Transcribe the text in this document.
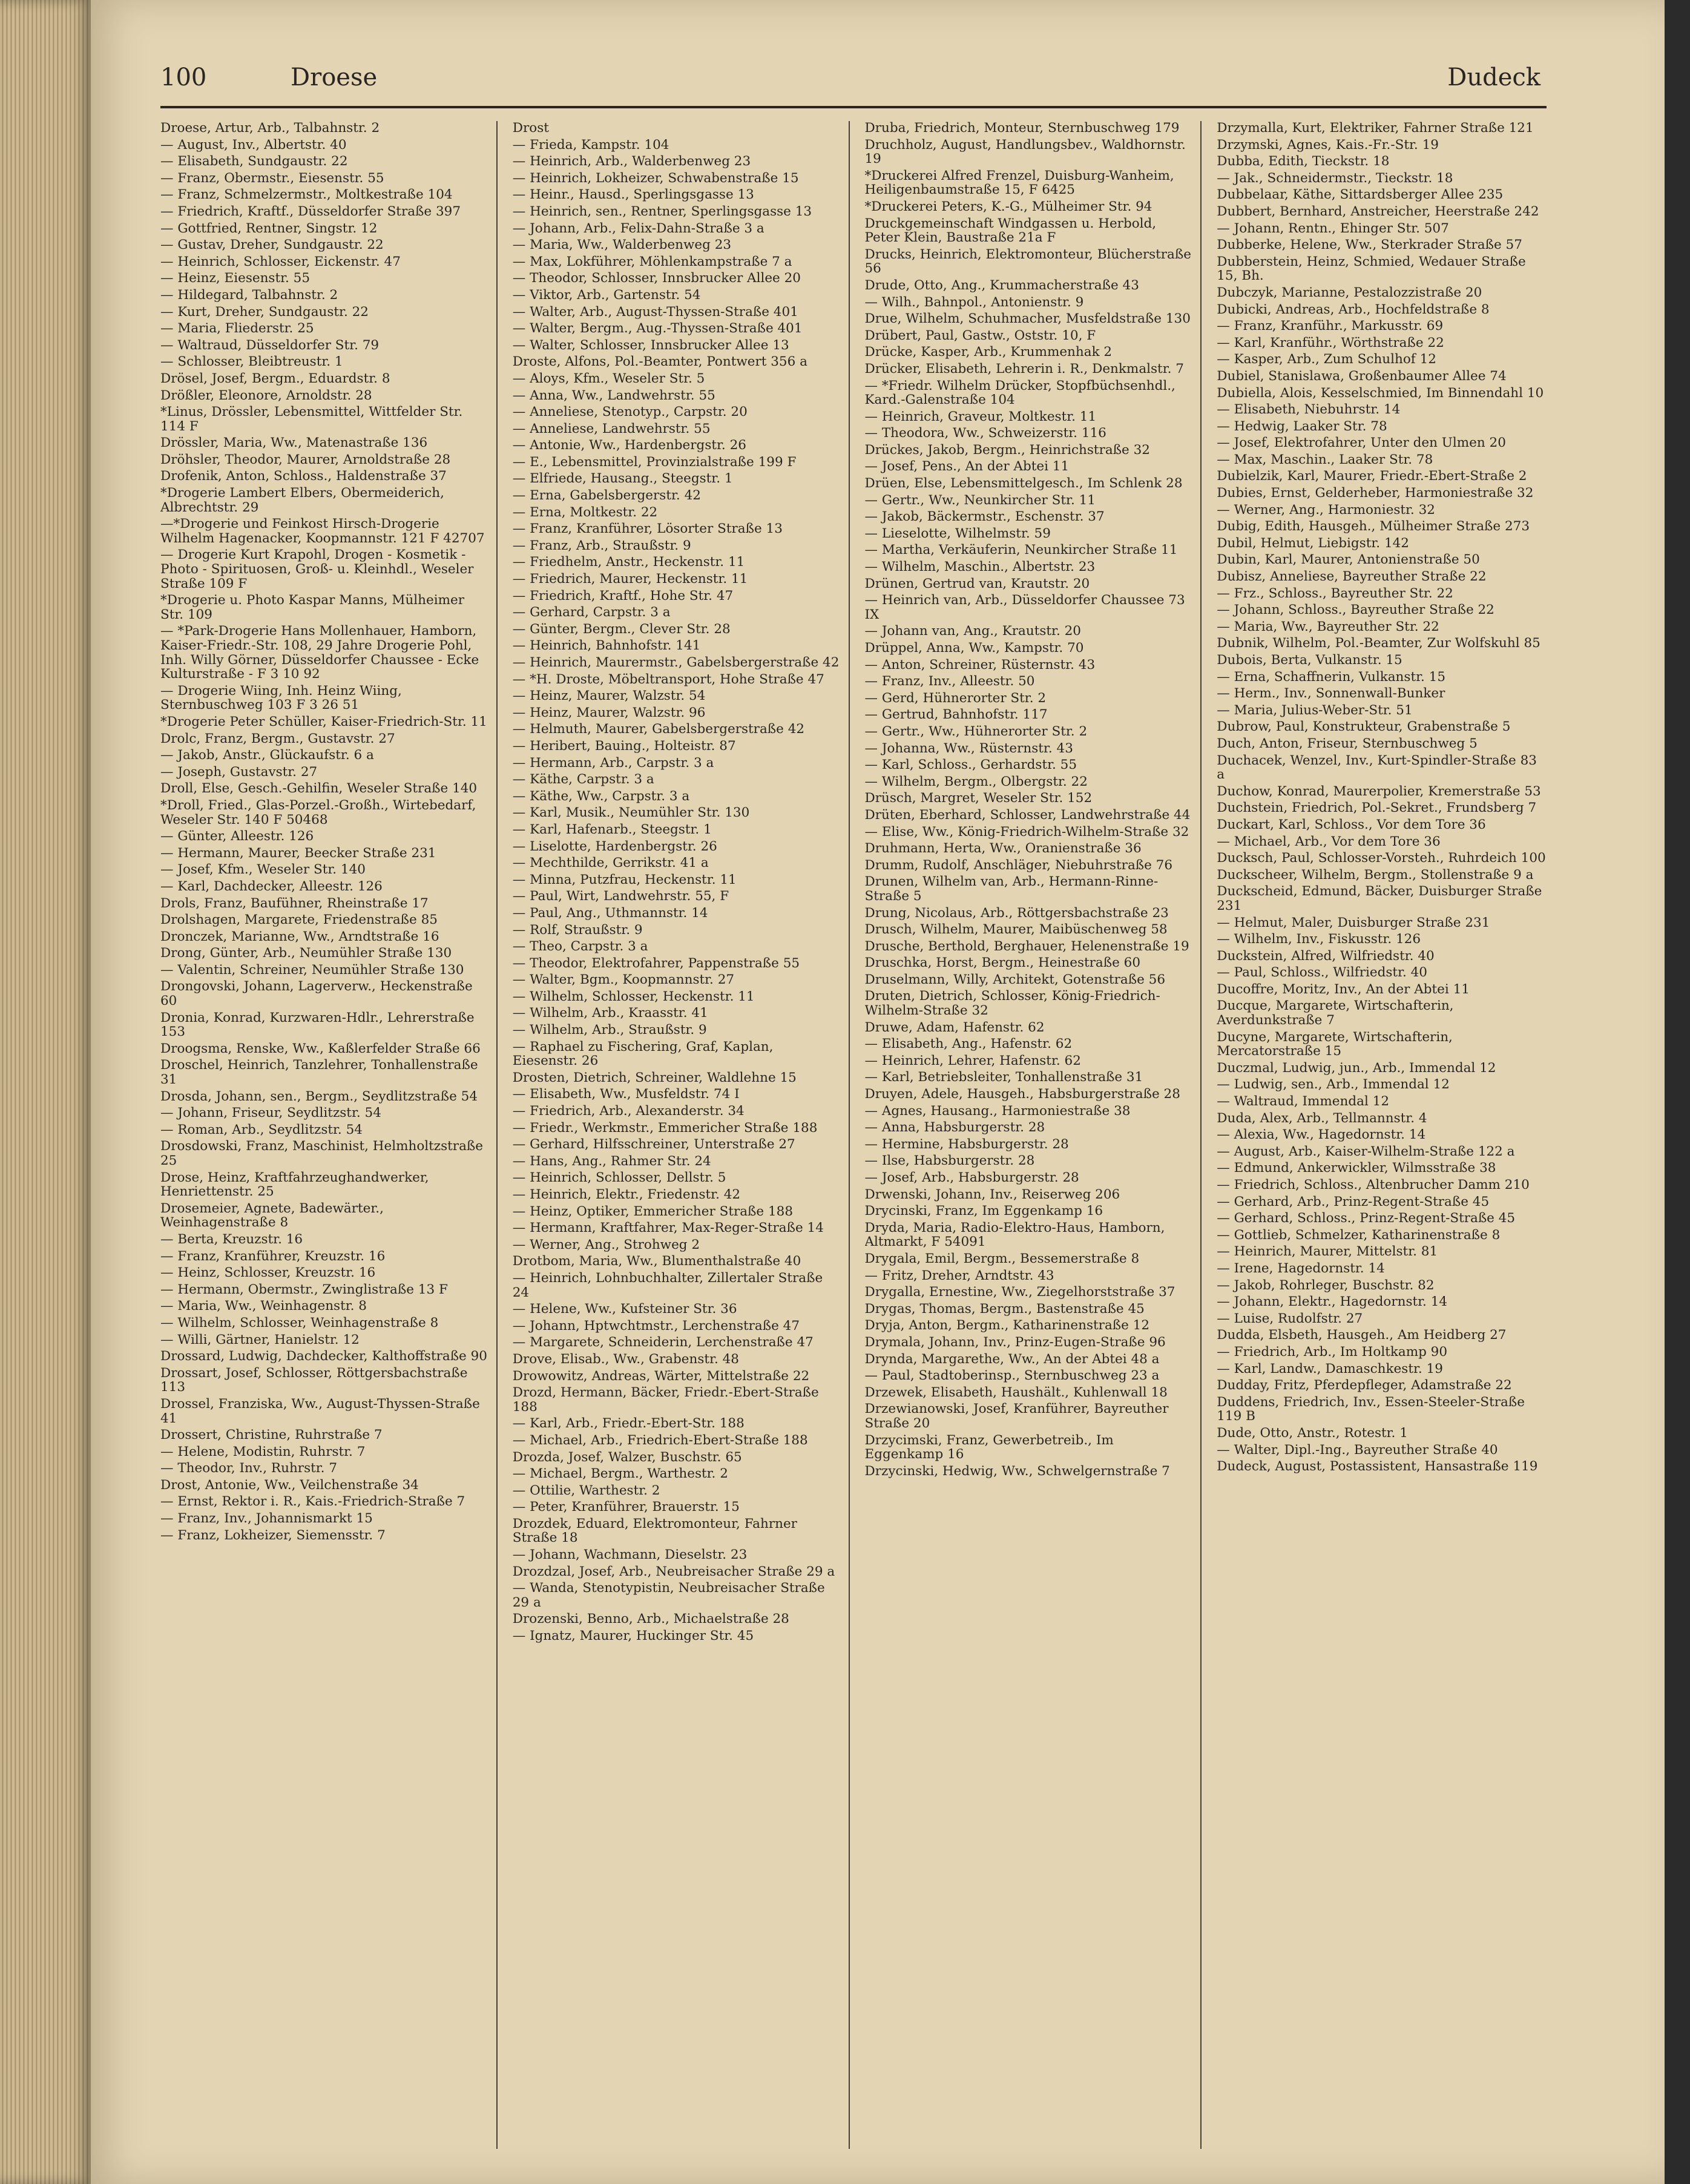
100	Droese	Dudeck
Droese, Artur, Arb., Talbahnstr. 2
— August, Inv., Albertstr. 40
— Elisabeth, Sundgaustr. 22
— Franz, Obermstr., Eiesenstr. 55
— Franz, Schmelzermstr., Moltkestraße 104
— Friedrich, Kraftf., Düsseldorfer Straße 397
— Gottfried, Rentner, Singstr. 12
— Gustav, Dreher, Sundgaustr. 22
— Heinrich, Schlosser, Eickenstr. 47
— Heinz, Eiesenstr. 55
— Hildegard, Talbahnstr. 2
— Kurt, Dreher, Sundgaustr. 22
— Maria, Fliederstr. 25
— Waltraud, Düsseldorfer Str. 79
— Schlosser, Bleibtreustr. 1
Drösel, Josef, Bergm., Eduardstr. 8
Drößler, Eleonore, Arnoldstr. 28
*Linus, Drössler, Lebensmittel, Wittfelder Str. 114 F
Drössler, Maria, Ww., Matenastraße 136
Dröhsler, Theodor, Maurer, Arnoldstraße 28
Drofenik, Anton, Schloss., Haldenstraße 37
*Drogerie Lambert Elbers, Obermeiderich, Albrechtstr. 29
—*Drogerie und Feinkost Hirsch-Drogerie Wilhelm Hagenacker, Koopmannstr. 121 F 42707
— Drogerie Kurt Krapohl, Drogen - Kosmetik - Photo - Spirituosen, Groß- u. Kleinhdl., Weseler Straße 109 F
*Drogerie u. Photo Kaspar Manns, Mülheimer Str. 109
— *Park-Drogerie Hans Mollenhauer, Hamborn, Kaiser-Friedr.-Str. 108, 29 Jahre Drogerie Pohl, Inh. Willy Görner, Düsseldorfer Chaussee - Ecke Kulturstraße - F 3 10 92
— Drogerie Wiing, Inh. Heinz Wiing, Sternbuschweg 103 F 3 26 51
*Drogerie Peter Schüller, Kaiser-Friedrich-Str. 11
Drolc, Franz, Bergm., Gustavstr. 27
— Jakob, Anstr., Glückaufstr. 6 a
— Joseph, Gustavstr. 27
Droll, Else, Gesch.-Gehilfin, Weseler Straße 140
*Droll, Fried., Glas-Porzel.-Großh., Wirtebedarf, Weseler Str. 140 F 50468
— Günter, Alleestr. 126
— Hermann, Maurer, Beecker Straße 231
— Josef, Kfm., Weseler Str. 140
— Karl, Dachdecker, Alleestr. 126
Drols, Franz, Baufühner, Rheinstraße 17
Drolshagen, Margarete, Friedenstraße 85
Dronczek, Marianne, Ww., Arndtstraße 16
Drong, Günter, Arb., Neumühler Straße 130
— Valentin, Schreiner, Neumühler Straße 130
Drongovski, Johann, Lagerverw., Heckenstraße 60
Dronia, Konrad, Kurzwaren-Hdlr., Lehrerstraße 153
Droogsma, Renske, Ww., Kaßlerfelder Straße 66
Droschel, Heinrich, Tanzlehrer, Tonhallenstraße 31
Drosda, Johann, sen., Bergm., Seydlitzstraße 54
— Johann, Friseur, Seydlitzstr. 54
— Roman, Arb., Seydlitzstr. 54
Drosdowski, Franz, Maschinist, Helmholtzstraße 25
Drose, Heinz, Kraftfahrzeughandwerker, Henriettenstr. 25
Drosemeier, Agnete, Badewärter., Weinhagenstraße 8
— Berta, Kreuzstr. 16
— Franz, Kranführer, Kreuzstr. 16
— Heinz, Schlosser, Kreuzstr. 16
— Hermann, Obermstr., Zwinglistraße 13 F
— Maria, Ww., Weinhagenstr. 8
— Wilhelm, Schlosser, Weinhagenstraße 8
— Willi, Gärtner, Hanielstr. 12
Drossard, Ludwig, Dachdecker, Kalthoffstraße 90
Drossart, Josef, Schlosser, Röttgersbachstraße 113
Drossel, Franziska, Ww., August-Thyssen-Straße 41
Drossert, Christine, Ruhrstraße 7
— Helene, Modistin, Ruhrstr. 7
— Theodor, Inv., Ruhrstr. 7
Drost, Antonie, Ww., Veilchenstraße 34
— Ernst, Rektor i. R., Kais.-Friedrich-Straße 7
— Franz, Inv., Johannismarkt 15
— Franz, Lokheizer, Siemensstr. 7
Drost
— Frieda, Kampstr. 104
— Heinrich, Arb., Walderbenweg 23
— Heinrich, Lokheizer, Schwabenstraße 15
— Heinr., Hausd., Sperlingsgasse 13
— Heinrich, sen., Rentner, Sperlingsgasse 13
— Johann, Arb., Felix-Dahn-Straße 3 a
— Maria, Ww., Walderbenweg 23
— Max, Lokführer, Möhlenkampstraße 7 a
— Theodor, Schlosser, Innsbrucker Allee 20
— Viktor, Arb., Gartenstr. 54
— Walter, Arb., August-Thyssen-Straße 401
— Walter, Bergm., Aug.-Thyssen-Straße 401
— Walter, Schlosser, Innsbrucker Allee 13
Droste, Alfons, Pol.-Beamter, Pontwert 356 a
— Aloys, Kfm., Weseler Str. 5
— Anna, Ww., Landwehrstr. 55
— Anneliese, Stenotyp., Carpstr. 20
— Anneliese, Landwehrstr. 55
— Antonie, Ww., Hardenbergstr. 26
— E., Lebensmittel, Provinzialstraße 199 F
— Elfriede, Hausang., Steegstr. 1
— Erna, Gabelsbergerstr. 42
— Erna, Moltkestr. 22
— Franz, Kranführer, Lösorter Straße 13
— Franz, Arb., Straußstr. 9
— Friedhelm, Anstr., Heckenstr. 11
— Friedrich, Maurer, Heckenstr. 11
— Friedrich, Kraftf., Hohe Str. 47
— Gerhard, Carpstr. 3 a
— Günter, Bergm., Clever Str. 28
— Heinrich, Bahnhofstr. 141
— Heinrich, Maurermstr., Gabelsbergerstraße 42
— *H. Droste, Möbeltransport, Hohe Straße 47
— Heinz, Maurer, Walzstr. 54
— Heinz, Maurer, Walzstr. 96
— Helmuth, Maurer, Gabelsbergerstraße 42
— Heribert, Bauing., Holteistr. 87
— Hermann, Arb., Carpstr. 3 a
— Käthe, Carpstr. 3 a
— Käthe, Ww., Carpstr. 3 a
— Karl, Musik., Neumühler Str. 130
— Karl, Hafenarb., Steegstr. 1
— Liselotte, Hardenbergstr. 26
— Mechthilde, Gerrikstr. 41 a
— Minna, Putzfrau, Heckenstr. 11
— Paul, Wirt, Landwehrstr. 55, F
— Paul, Ang., Uthmannstr. 14
— Rolf, Straußstr. 9
— Theo, Carpstr. 3 a
— Theodor, Elektrofahrer, Pappenstraße 55
— Walter, Bgm., Koopmannstr. 27
— Wilhelm, Schlosser, Heckenstr. 11
— Wilhelm, Arb., Kraasstr. 41
— Wilhelm, Arb., Straußstr. 9
— Raphael zu Fischering, Graf, Kaplan, Eiesenstr. 26
Drosten, Dietrich, Schreiner, Waldlehne 15
— Elisabeth, Ww., Musfeldstr. 74 I
— Friedrich, Arb., Alexanderstr. 34
— Friedr., Werkmstr., Emmericher Straße 188
— Gerhard, Hilfsschreiner, Unterstraße 27
— Hans, Ang., Rahmer Str. 24
— Heinrich, Schlosser, Dellstr. 5
— Heinrich, Elektr., Friedenstr. 42
— Heinz, Optiker, Emmericher Straße 188
— Hermann, Kraftfahrer, Max-Reger-Straße 14
— Werner, Ang., Strohweg 2
Drotbom, Maria, Ww., Blumenthalstraße 40
— Heinrich, Lohnbuchhalter, Zillertaler Straße 24
— Helene, Ww., Kufsteiner Str. 36
— Johann, Hptwchtmstr., Lerchenstraße 47
— Margarete, Schneiderin, Lerchenstraße 47
Drove, Elisab., Ww., Grabenstr. 48
Drowowitz, Andreas, Wärter, Mittelstraße 22
Drozd, Hermann, Bäcker, Friedr.-Ebert-Straße 188
— Karl, Arb., Friedr.-Ebert-Str. 188
— Michael, Arb., Friedrich-Ebert-Straße 188
Drozda, Josef, Walzer, Buschstr. 65
— Michael, Bergm., Warthestr. 2
— Ottilie, Warthestr. 2
— Peter, Kranführer, Brauerstr. 15
Drozdek, Eduard, Elektromonteur, Fahrner Straße 18
— Johann, Wachmann, Dieselstr. 23
Drozdzal, Josef, Arb., Neubreisacher Straße 29 a
— Wanda, Stenotypistin, Neubreisacher Straße 29 a
Drozenski, Benno, Arb., Michaelstraße 28
— Ignatz, Maurer, Huckinger Str. 45
Druba, Friedrich, Monteur, Sternbuschweg 179
Druchholz, August, Handlungsbev., Waldhornstr. 19
*Druckerei Alfred Frenzel, Duisburg-Wanheim, Heiligenbaumstraße 15, F 6425
*Druckerei Peters, K.-G., Mülheimer Str. 94
Druckgemeinschaft Windgassen u. Herbold, Peter Klein, Baustraße 21a F
Drucks, Heinrich, Elektromonteur, Blücherstraße 56
Drude, Otto, Ang., Krummacherstraße 43
— Wilh., Bahnpol., Antonienstr. 9
Drue, Wilhelm, Schuhmacher, Musfeldstraße 130
Drübert, Paul, Gastw., Oststr. 10, F
Drücke, Kasper, Arb., Krummenhak 2
Drücker, Elisabeth, Lehrerin i. R., Denkmalstr. 7
— *Friedr. Wilhelm Drücker, Stopfbüchsenhdl., Kard.-Galenstraße 104
— Heinrich, Graveur, Moltkestr. 11
— Theodora, Ww., Schweizerstr. 116
Drückes, Jakob, Bergm., Heinrichstraße 32
— Josef, Pens., An der Abtei 11
Drüen, Else, Lebensmittelgesch., Im Schlenk 28
— Gertr., Ww., Neunkircher Str. 11
— Jakob, Bäckermstr., Eschenstr. 37
— Lieselotte, Wilhelmstr. 59
— Martha, Verkäuferin, Neunkircher Straße 11
— Wilhelm, Maschin., Albertstr. 23
Drünen, Gertrud van, Krautstr. 20
— Heinrich van, Arb., Düsseldorfer Chaussee 73 IX
— Johann van, Ang., Krautstr. 20
Drüppel, Anna, Ww., Kampstr. 70
— Anton, Schreiner, Rüsternstr. 43
— Franz, Inv., Alleestr. 50
— Gerd, Hühnerorter Str. 2
— Gertrud, Bahnhofstr. 117
— Gertr., Ww., Hühnerorter Str. 2
— Johanna, Ww., Rüsternstr. 43
— Karl, Schloss., Gerhardstr. 55
— Wilhelm, Bergm., Olbergstr. 22
Drüsch, Margret, Weseler Str. 152
Drüten, Eberhard, Schlosser, Landwehrstraße 44
— Elise, Ww., König-Friedrich-Wilhelm-Straße 32
Druhmann, Herta, Ww., Oranienstraße 36
Drumm, Rudolf, Anschläger, Niebuhrstraße 76
Drunen, Wilhelm van, Arb., Hermann-Rinne-Straße 5
Drung, Nicolaus, Arb., Röttgersbachstraße 23
Drusch, Wilhelm, Maurer, Maibüschenweg 58
Drusche, Berthold, Berghauer, Helenenstraße 19
Druschka, Horst, Bergm., Heinestraße 60
Druselmann, Willy, Architekt, Gotenstraße 56
Druten, Dietrich, Schlosser, König-Friedrich-Wilhelm-Straße 32
Druwe, Adam, Hafenstr. 62
— Elisabeth, Ang., Hafenstr. 62
— Heinrich, Lehrer, Hafenstr. 62
— Karl, Betriebsleiter, Tonhallenstraße 31
Druyen, Adele, Hausgeh., Habsburgerstraße 28
— Agnes, Hausang., Harmoniestraße 38
— Anna, Habsburgerstr. 28
— Hermine, Habsburgerstr. 28
— Ilse, Habsburgerstr. 28
— Josef, Arb., Habsburgerstr. 28
Drwenski, Johann, Inv., Reiserweg 206
Drycinski, Franz, Im Eggenkamp 16
Dryda, Maria, Radio-Elektro-Haus, Hamborn, Altmarkt, F 54091
Drygala, Emil, Bergm., Bessemerstraße 8
— Fritz, Dreher, Arndtstr. 43
Drygalla, Ernestine, Ww., Ziegelhorststraße 37
Drygas, Thomas, Bergm., Bastenstraße 45
Dryja, Anton, Bergm., Katharinenstraße 12
Drymala, Johann, Inv., Prinz-Eugen-Straße 96
Drynda, Margarethe, Ww., An der Abtei 48 a
— Paul, Stadtoberinsp., Sternbuschweg 23 a
Drzewek, Elisabeth, Haushält., Kuhlenwall 18
Drzewianowski, Josef, Kranführer, Bayreuther Straße 20
Drzycimski, Franz, Gewerbetreib., Im Eggenkamp 16
Drzycinski, Hedwig, Ww., Schwelgernstraße 7
Drzymalla, Kurt, Elektriker, Fahrner Straße 121
Drzymski, Agnes, Kais.-Fr.-Str. 19
Dubba, Edith, Tieckstr. 18
— Jak., Schneidermstr., Tieckstr. 18
Dubbelaar, Käthe, Sittardsberger Allee 235
Dubbert, Bernhard, Anstreicher, Heerstraße 242
— Johann, Rentn., Ehinger Str. 507
Dubberke, Helene, Ww., Sterkrader Straße 57
Dubberstein, Heinz, Schmied, Wedauer Straße 15, Bh.
Dubczyk, Marianne, Pestalozzistraße 20
Dubicki, Andreas, Arb., Hochfeldstraße 8
— Franz, Kranführ., Markusstr. 69
— Karl, Kranführ., Wörthstraße 22
— Kasper, Arb., Zum Schulhof 12
Dubiel, Stanislawa, Großenbaumer Allee 74
Dubiella, Alois, Kesselschmied, Im Binnendahl 10
— Elisabeth, Niebuhrstr. 14
— Hedwig, Laaker Str. 78
— Josef, Elektrofahrer, Unter den Ulmen 20
— Max, Maschin., Laaker Str. 78
Dubielzik, Karl, Maurer, Friedr.-Ebert-Straße 2
Dubies, Ernst, Gelderheber, Harmoniestraße 32
— Werner, Ang., Harmoniestr. 32
Dubig, Edith, Hausgeh., Mülheimer Straße 273
Dubil, Helmut, Liebigstr. 142
Dubin, Karl, Maurer, Antonienstraße 50
Dubisz, Anneliese, Bayreuther Straße 22
— Frz., Schloss., Bayreuther Str. 22
— Johann, Schloss., Bayreuther Straße 22
— Maria, Ww., Bayreuther Str. 22
Dubnik, Wilhelm, Pol.-Beamter, Zur Wolfskuhl 85
Dubois, Berta, Vulkanstr. 15
— Erna, Schaffnerin, Vulkanstr. 15
— Herm., Inv., Sonnenwall-Bunker
— Maria, Julius-Weber-Str. 51
Dubrow, Paul, Konstrukteur, Grabenstraße 5
Duch, Anton, Friseur, Sternbuschweg 5
Duchacek, Wenzel, Inv., Kurt-Spindler-Straße 83 a
Duchow, Konrad, Maurerpolier, Kremerstraße 53
Duchstein, Friedrich, Pol.-Sekret., Frundsberg 7
Duckart, Karl, Schloss., Vor dem Tore 36
— Michael, Arb., Vor dem Tore 36
Ducksch, Paul, Schlosser-Vorsteh., Ruhrdeich 100
Duckscheer, Wilhelm, Bergm., Stollenstraße 9 a
Duckscheid, Edmund, Bäcker, Duisburger Straße 231
— Helmut, Maler, Duisburger Straße 231
— Wilhelm, Inv., Fiskusstr. 126
Duckstein, Alfred, Wilfriedstr. 40
— Paul, Schloss., Wilfriedstr. 40
Ducoffre, Moritz, Inv., An der Abtei 11
Ducque, Margarete, Wirtschafterin, Averdunkstraße 7
Ducyne, Margarete, Wirtschafterin, Mercatorstraße 15
Duczmal, Ludwig, jun., Arb., Immendal 12
— Ludwig, sen., Arb., Immendal 12
— Waltraud, Immendal 12
Duda, Alex, Arb., Tellmannstr. 4
— Alexia, Ww., Hagedornstr. 14
— August, Arb., Kaiser-Wilhelm-Straße 122 a
— Edmund, Ankerwickler, Wilmsstraße 38
— Friedrich, Schloss., Altenbrucher Damm 210
— Gerhard, Arb., Prinz-Regent-Straße 45
— Gerhard, Schloss., Prinz-Regent-Straße 45
— Gottlieb, Schmelzer, Katharinenstraße 8
— Heinrich, Maurer, Mittelstr. 81
— Irene, Hagedornstr. 14
— Jakob, Rohrleger, Buschstr. 82
— Johann, Elektr., Hagedornstr. 14
— Luise, Rudolfstr. 27
Dudda, Elsbeth, Hausgeh., Am Heidberg 27
— Friedrich, Arb., Im Holtkamp 90
— Karl, Landw., Damaschkestr. 19
Dudday, Fritz, Pferdepfleger, Adamstraße 22
Duddens, Friedrich, Inv., Essen-Steeler-Straße 119 B
Dude, Otto, Anstr., Rotestr. 1
— Walter, Dipl.-Ing., Bayreuther Straße 40
Dudeck, August, Postassistent, Hansastraße 119
